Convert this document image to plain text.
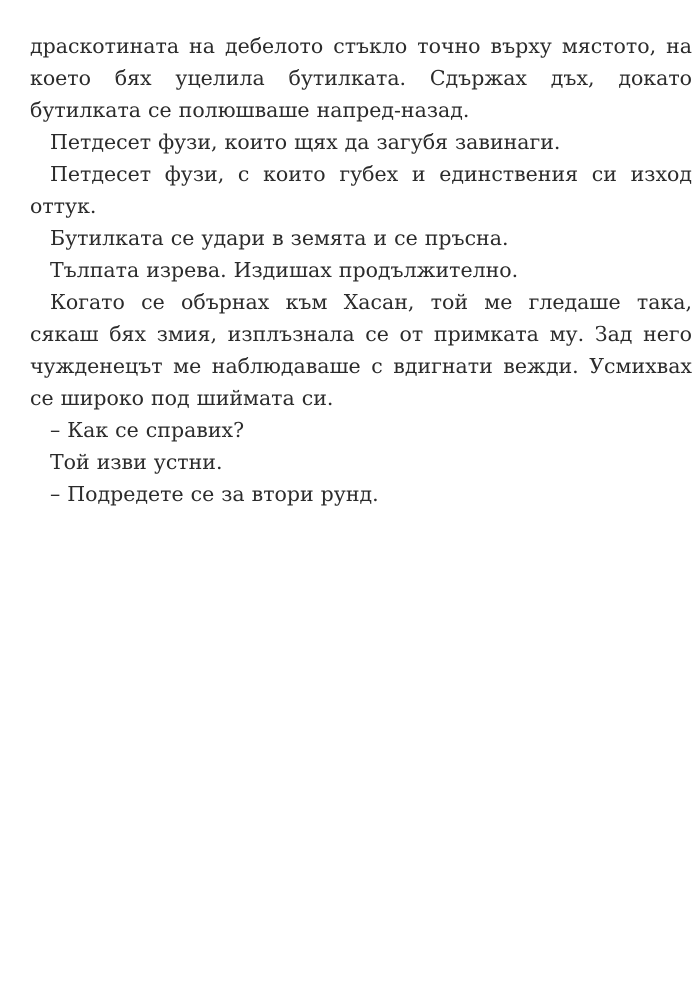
драскотината на дебелото стъкло точно върху мястото, на което бях уцелила бутилката. Сдържах дъх, докато бутилката се полюшваше напред-назад.

Петдесет фузи, които щях да загубя завинаги.

Петдесет фузи, с които губех и единствения си изход оттук.

Бутилката се удари в земята и се пръсна.

Тълпата изрева. Издишах продължително.

Когато се обърнах към Хасан, той ме гледаше така, сякаш бях змия, изплъзнала се от примката му. Зад него чужденецът ме наблюдаваше с вдигнати вежди. Усмихвах се широко под шиймата си.

– Как се справих?

Той изви устни.

– Подредете се за втори рунд.
